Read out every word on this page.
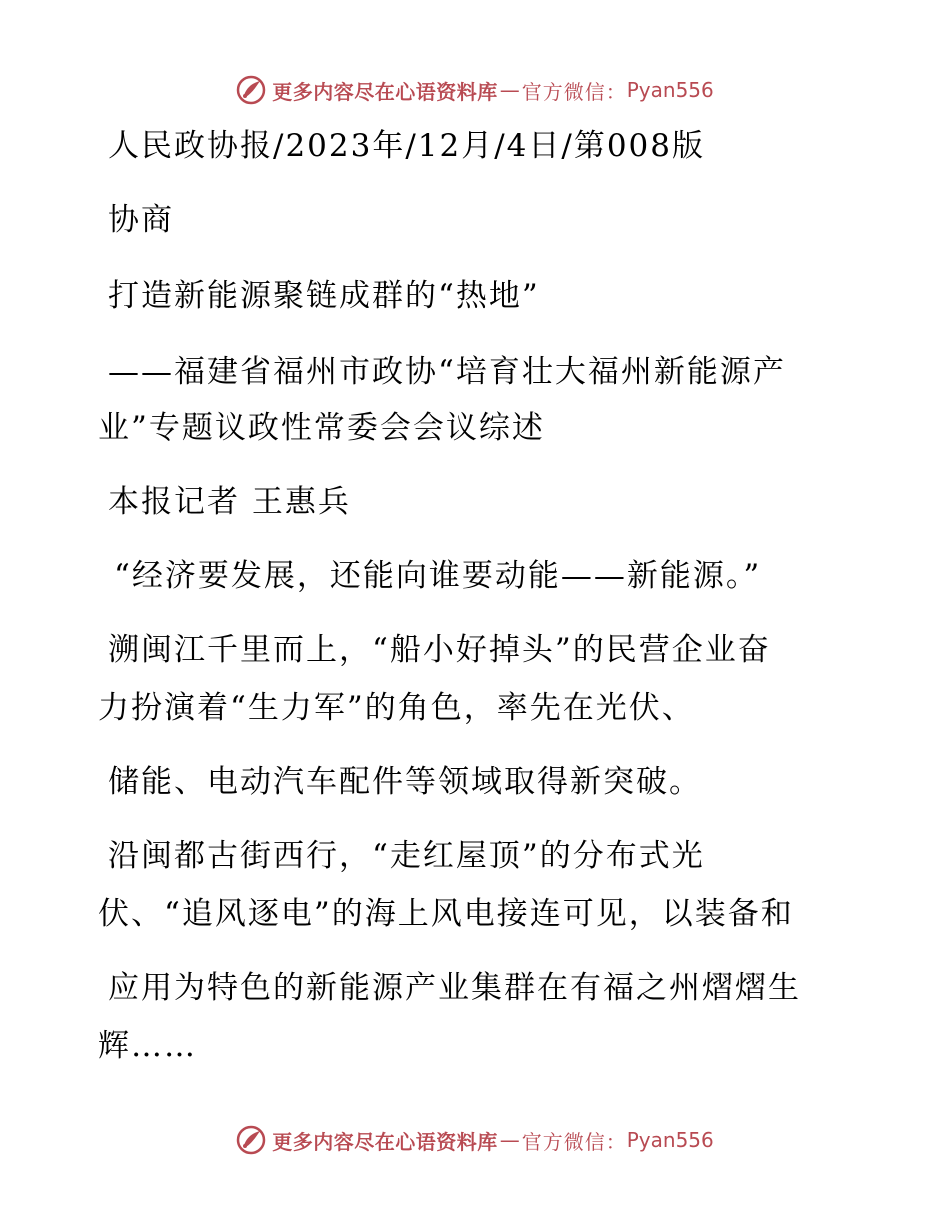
更多内容尽在心语资料库 — 官方微信： Pyan556
人民政协报/2023年/12月/4日/第008版
协商
打造新能源聚链成群的“热地”
——福建省福州市政协“培育壮大福州新能源产
业”专题议政性常委会会议综述
本报记者 王惠兵
“经济要发展，还能向谁要动能——新能源。”
溯闽江千里而上，“船小好掉头”的民营企业奋
力扮演着“生力军”的角色，率先在光伏、
储能、电动汽车配件等领域取得新突破。
沿闽都古街西行，“走红屋顶”的分布式光
伏、“追风逐电”的海上风电接连可见，以装备和
应用为特色的新能源产业集群在有福之州熠熠生
辉……
更多内容尽在心语资料库 — 官方微信： Pyan556
